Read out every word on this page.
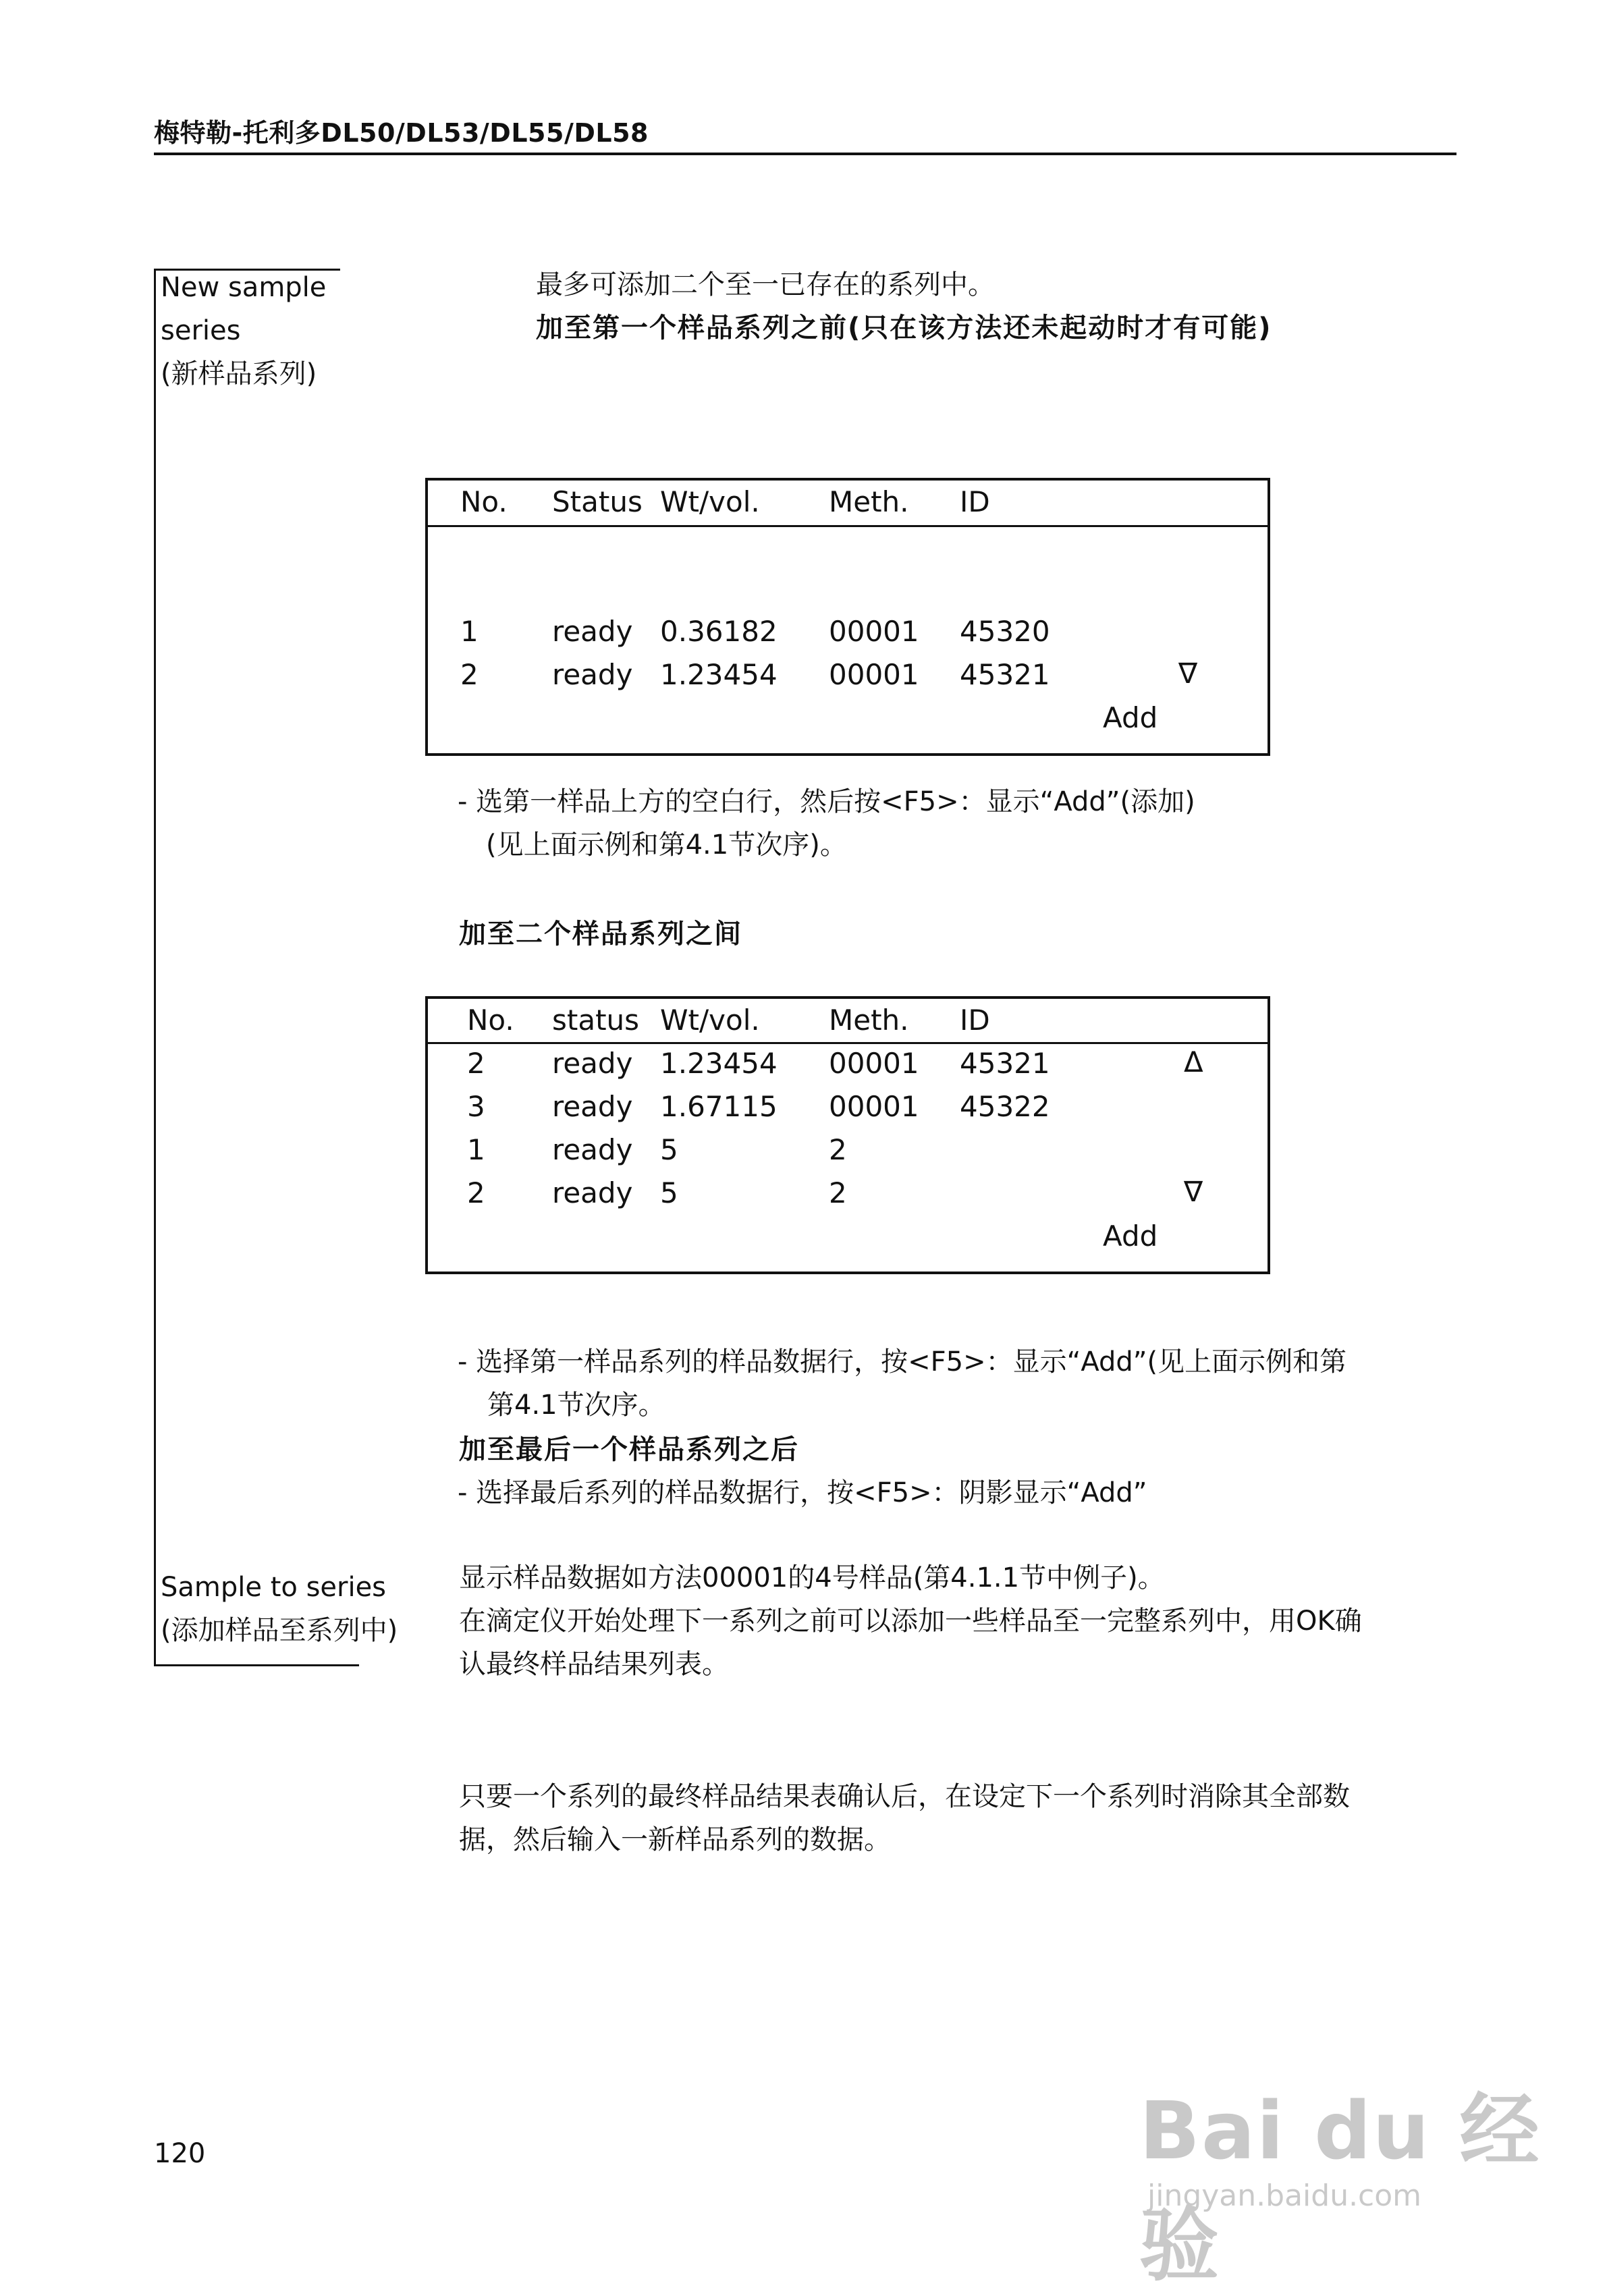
梅特勒-托利多DL50/DL53/DL55/DL58
New sample
series
(新样品系列)
Sample to series
(添加样品至系列中)
最多可添加二个至一已存在的系列中。
加至第一个样品系列之前(只在该方法还未起动时才有可能)
No. Status Wt/vol. Meth. ID
1	ready 0.36182 00001 45320
2	ready 1.23454 00001 45321	∇
Add
- 选第一样品上方的空白行，然后按<F5>：显示“Add”(添加)
(见上面示例和第4.1节次序)。
加至二个样品系列之间
No. status Wt/vol. Meth. ID
2 ready 1.23454 00001 45321	Δ
3 ready 1.67115 00001 45322
1 ready 5	2
2 ready 5	2	∇
Add
- 选择第一样品系列的样品数据行，按<F5>：显示“Add”(见上面示例和第
第4.1节次序。
加至最后一个样品系列之后
- 选择最后系列的样品数据行，按<F5>：阴影显示“Add”
显示样品数据如方法00001的4号样品(第4.1.1节中例子)。
在滴定仪开始处理下一系列之前可以添加一些样品至一完整系列中，用OK确
认最终样品结果列表。
只要一个系列的最终样品结果表确认后，在设定下一个系列时消除其全部数
据，然后输入一新样品系列的数据。
120	Bai du 经验
jingyan.baidu.com
